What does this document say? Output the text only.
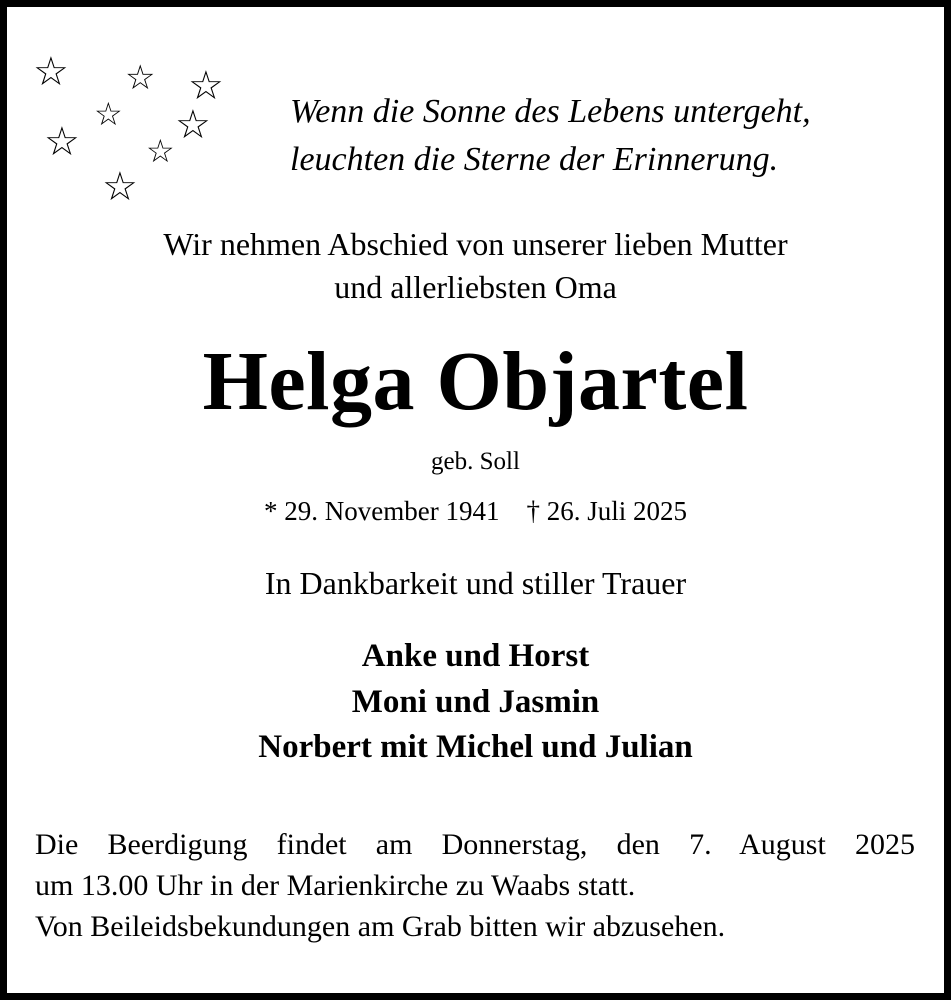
☆ ☆ ☆
☆ ☆
☆ ☆
☆
Wenn die Sonne des Lebens untergeht,
leuchten die Sterne der Erinnerung.
Wir nehmen Abschied von unserer lieben Mutter
und allerliebsten Oma
Helga Objartel
geb. Soll
* 29. November 1941 † 26. Juli 2025
In Dankbarkeit und stiller Trauer
Anke und Horst
Moni und Jasmin
Norbert mit Michel und Julian
Die Beerdigung findet am Donnerstag, den 7. August 2025
um 13.00 Uhr in der Marienkirche zu Waabs statt.
Von Beileidsbekundungen am Grab bitten wir abzusehen.
